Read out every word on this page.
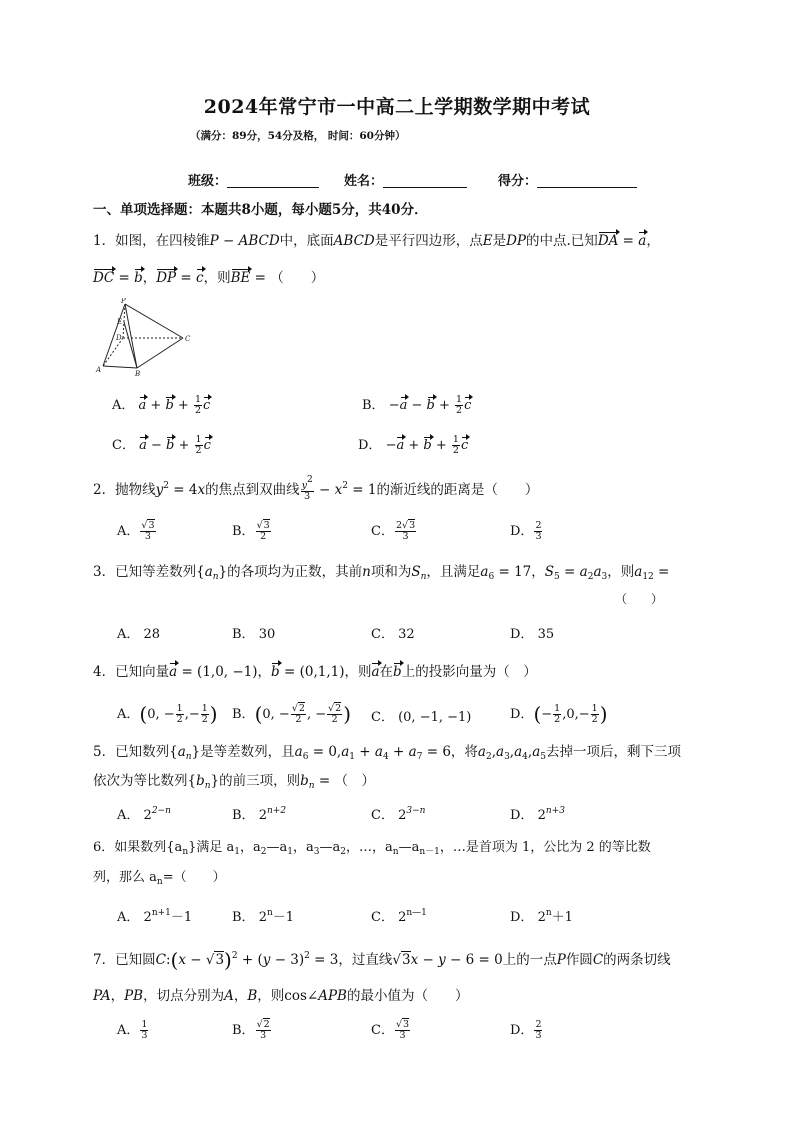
2024年常宁市一中高二上学期数学期中考试
（满分：89分，54分及格， 时间：60分钟）
班级：	姓名：	得分：
一、单项选择题：本题共8小题，每小题5分，共40分．
1．如图，在四棱锥P − ABCD中，底面ABCD是平行四边形，点E是DP的中点.已知DA = a，
DC = b，DP = c，则BE = （　　）
P
E
D	C
A	B
A． $a + b + \frac{1}{2}$ c	B． $-a - b + \frac{1}{2}$ c
C． $a - b + \frac{1}{2}$ c	D． $-a + b + \frac{1}{2}$ c
2．抛物线$y^2 = 4x$的焦点到双曲线 $\frac{y^2}{3} - x^2 = 1$的渐近线的距离是（　　）
A． $\frac{√3}{3}$	B． $\frac{√3}{2}$	C． $\frac{2√3}{3}$	D． $\frac{2}{3}$
3．已知等差数列$\{a_n\}$的各项均为正数，其前n项和为$S_n$，且满足$a_6 = 17$，$S_5 = a_2a_3$，则$a_{12}$ =
（　　）
A． 28	B． 30	C． 32	D． 35
4．已知向量a = (1,0, −1)，b = (0,1,1)，则a在b上的投影向量为（　）
A．(0, − $\frac{1}{2}$ ,− $\frac{1}{2}$ ) B．(0, − $\frac{√2}{2}$ , − $\frac{√2}{2}$ ) C． (0, −1, −1)	D．(− $\frac{1}{2} ,0,- \frac{1}{2}$ )
5．已知数列$\{a_n\}$是等差数列，且$a_6 = 0,a_1 + a_4 + a_7 = 6$，将$a_2,a_3,a_4,a_5$去掉一项后，剩下三项
依次为等比数列$\{b_n\}$的前三项，则$b_n$ = （　）
A． $2^{2-n}$	B． $2^{n+2}$	C． $2^{3-n}$	D． $2^{n+3}$
6．如果数列$\{a_n\}$满足 $a_1$，$a_2—a_1$，$a_3—a_2$，…，$a_n—a_{n-1}$，…是首项为 1，公比为 2 的等比数
列，那么 $a_n=$（　　）
A． $2^{n+1}-1$	B． $2^n-1$	C． $2^{n—1}$	D． $2^n+1$
7．已知圆C:(x − $√3)^2 + (y - 3)^2 = 3$，过直线√3x − y − 6 = 0上的一点P作圆C的两条切线
PA，PB，切点分别为A，B，则cos∠APB的最小值为（　　）
A． $\frac{1}{3}$	B． $\frac{√2}{3}$	C． $\frac{√3}{3}$	D． $\frac{2}{3}$
